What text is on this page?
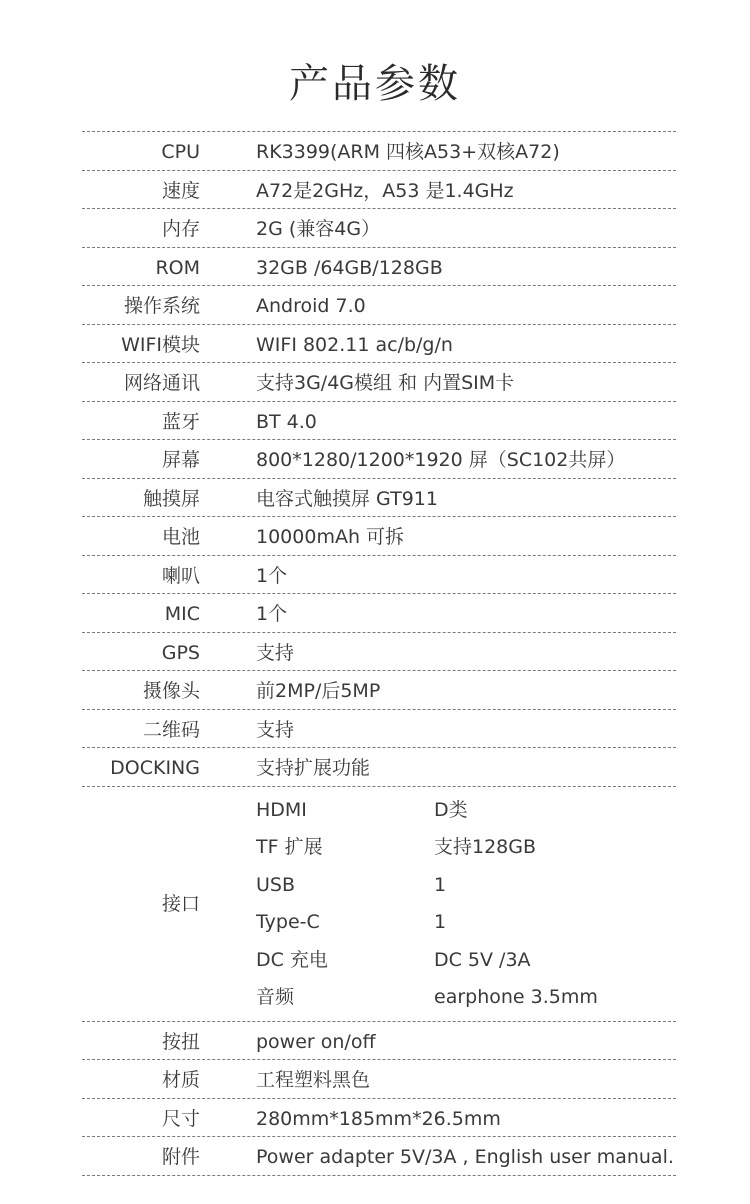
产品参数
CPU	RK3399(ARM 四核A53+双核A72)
速度	A72是2GHz，A53 是1.4GHz
内存	2G (兼容4G）
ROM	32GB /64GB/128GB
操作系统	Android 7.0
WIFI模块	WIFI 802.11 ac/b/g/n
网络通讯	支持3G/4G模组 和 内置SIM卡
蓝牙	BT 4.0
屏幕	800*1280/1200*1920 屏（SC102共屏）
触摸屏	电容式触摸屏 GT911
电池	10000mAh 可拆
喇叭	1个
MIC	1个
GPS	支持
摄像头	前2MP/后5MP
二维码	支持
DOCKING	支持扩展功能
接口
HDMI	D类
TF 扩展	支持128GB
USB	1
Type-C	1
DC 充电	DC 5V /3A
音频	earphone 3.5mm
按扭	power on/off
材质	工程塑料黑色
尺寸	280mm*185mm*26.5mm
附件	Power adapter 5V/3A , English user manual.
